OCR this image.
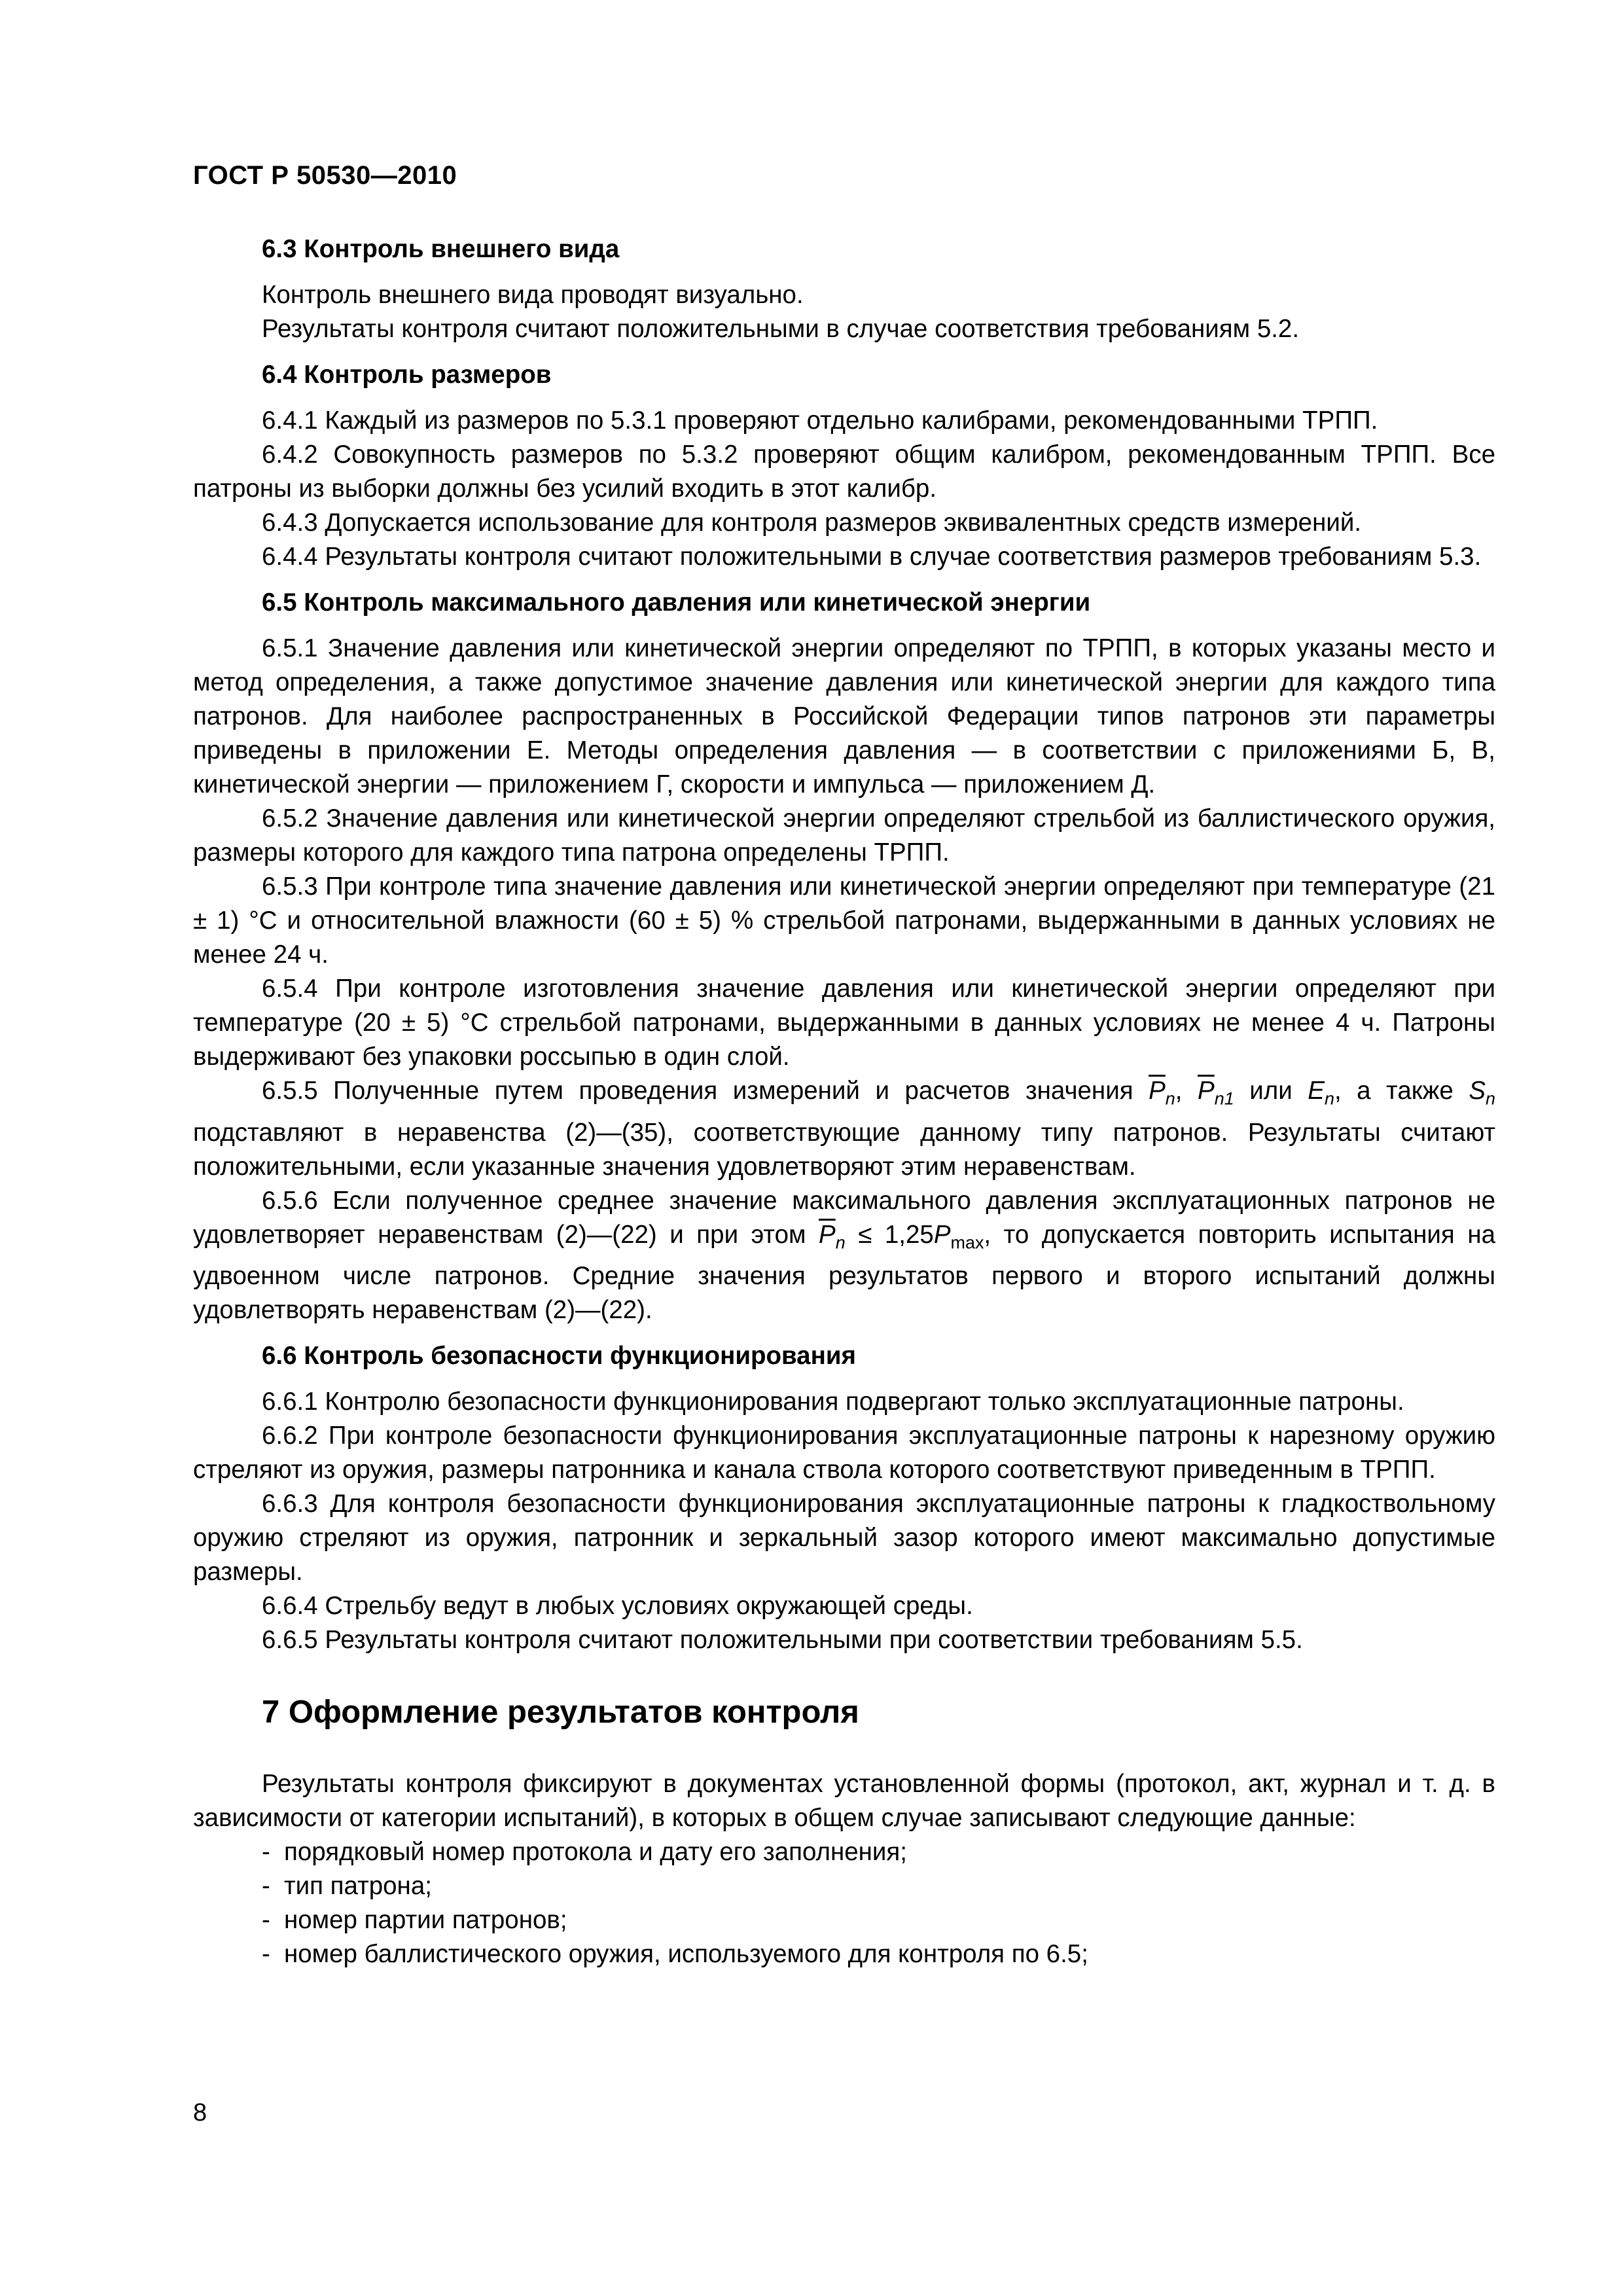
ГОСТ Р 50530—2010
6.3 Контроль внешнего вида

Контроль внешнего вида проводят визуально.

Результаты контроля считают положительными в случае соответствия требованиям 5.2.

6.4 Контроль размеров

6.4.1 Каждый из размеров по 5.3.1 проверяют отдельно калибрами, рекомендованными ТРПП.

6.4.2 Совокупность размеров по 5.3.2 проверяют общим калибром, рекомендованным ТРПП. Все патроны из выборки должны без усилий входить в этот калибр.

6.4.3 Допускается использование для контроля размеров эквивалентных средств измерений.

6.4.4 Результаты контроля считают положительными в случае соответствия размеров требованиям 5.3.

6.5 Контроль максимального давления или кинетической энергии

6.5.1 Значение давления или кинетической энергии определяют по ТРПП, в которых указаны место и метод определения, а также допустимое значение давления или кинетической энергии для каждого типа патронов. Для наиболее распространенных в Российской Федерации типов патронов эти параметры приведены в приложении Е. Методы определения давления — в соответствии с приложениями Б, В, кинетической энергии — приложением Г, скорости и импульса — приложением Д.

6.5.2 Значение давления или кинетической энергии определяют стрельбой из баллистического оружия, размеры которого для каждого типа патрона определены ТРПП.

6.5.3 При контроле типа значение давления или кинетической энергии определяют при температуре (21 ± 1) °С и относительной влажности (60 ± 5) % стрельбой патронами, выдержанными в данных условиях не менее 24 ч.

6.5.4 При контроле изготовления значение давления или кинетической энергии определяют при температуре (20 ± 5) °С стрельбой патронами, выдержанными в данных условиях не менее 4 ч. Патроны выдерживают без упаковки россыпью в один слой.

6.5.5 Полученные путем проведения измерений и расчетов значения $\overline{P}_n$, $\overline{P}_{n1}$ или $E_n$, а также $S_n$ подставляют в неравенства (2)—(35), соответствующие данному типу патронов. Результаты считают положительными, если указанные значения удовлетворяют этим неравенствам.

6.5.6 Если полученное среднее значение максимального давления эксплуатационных патронов не удовлетворяет неравенствам (2)—(22) и при этом $\overline{P}_n \le 1,25P_{max}$, то допускается повторить испытания на удвоенном числе патронов. Средние значения результатов первого и второго испытаний должны удовлетворять неравенствам (2)—(22).

6.6 Контроль безопасности функционирования

6.6.1 Контролю безопасности функционирования подвергают только эксплуатационные патроны.

6.6.2 При контроле безопасности функционирования эксплуатационные патроны к нарезному оружию стреляют из оружия, размеры патронника и канала ствола которого соответствуют приведенным в ТРПП.

6.6.3 Для контроля безопасности функционирования эксплуатационные патроны к гладкоствольному оружию стреляют из оружия, патронник и зеркальный зазор которого имеют максимально допустимые размеры.

6.6.4 Стрельбу ведут в любых условиях окружающей среды.

6.6.5 Результаты контроля считают положительными при соответствии требованиям 5.5.

7 Оформление результатов контроля

Результаты контроля фиксируют в документах установленной формы (протокол, акт, журнал и т. д. в зависимости от категории испытаний), в которых в общем случае записывают следующие данные:

- порядковый номер протокола и дату его заполнения;
- тип патрона;
- номер партии патронов;
- номер баллистического оружия, используемого для контроля по 6.5;
8
